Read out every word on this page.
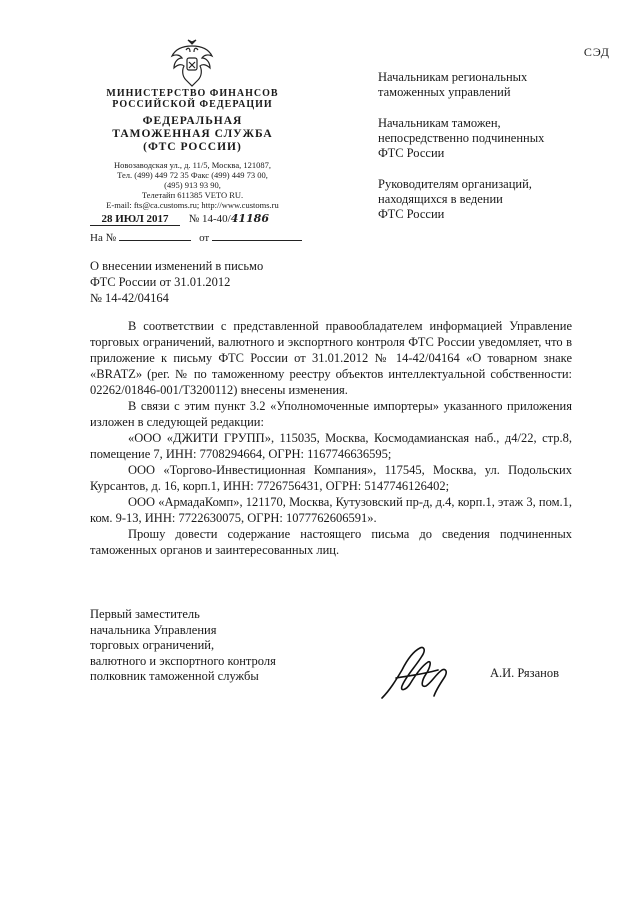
СЭД
МИНИСТЕРСТВО ФИНАНСОВ
РОССИЙСКОЙ ФЕДЕРАЦИИ
ФЕДЕРАЛЬНАЯ
ТАМОЖЕННАЯ СЛУЖБА
(ФТС РОССИИ)
Новозаводская ул., д. 11/5, Москва, 121087,
Тел. (499) 449 72 35 Факс (499) 449 73 00,
(495) 913 93 90,
Телетайп 611385 VETO RU.
E-mail: fts@ca.customs.ru; http://www.customs.ru
28 ИЮЛ 2017 № 14-40/41186
На №	от
Начальникам региональных
таможенных управлений
Начальникам таможен,
непосредственно подчиненных
ФТС России
Руководителям организаций,
находящихся в ведении
ФТС России
О внесении изменений в письмо
ФТС России от 31.01.2012
№ 14-42/04164

В соответствии с представленной правообладателем информацией Управление торговых ограничений, валютного и экспортного контроля ФТС России уведомляет, что в приложение к письму ФТС России от 31.01.2012 № 14-42/04164 «О товарном знаке «BRATZ» (рег. № по таможенному реестру объектов интеллектуальной собственности: 02262/01846-001/ТЗ200112) внесены изменения.

В связи с этим пункт 3.2 «Уполномоченные импортеры» указанного приложения изложен в следующей редакции:

«ООО «ДЖИТИ ГРУПП», 115035, Москва, Космодамианская наб., д4/22, стр.8, помещение 7, ИНН: 7708294664, ОГРН: 1167746636595;

ООО «Торгово-Инвестиционная Компания», 117545, Москва, ул. Подольских Курсантов, д. 16, корп.1, ИНН: 7726756431, ОГРН: 5147746126402;

ООО «АрмадаКомп», 121170, Москва, Кутузовский пр-д, д.4, корп.1, этаж 3, пом.1, ком. 9-13, ИНН: 7722630075, ОГРН: 1077762606591».

Прошу довести содержание настоящего письма до сведения подчиненных таможенных органов и заинтересованных лиц.

Первый заместитель
начальника Управления
торговых ограничений,
валютного и экспортного контроля
полковник таможенной службы	А.И. Рязанов
